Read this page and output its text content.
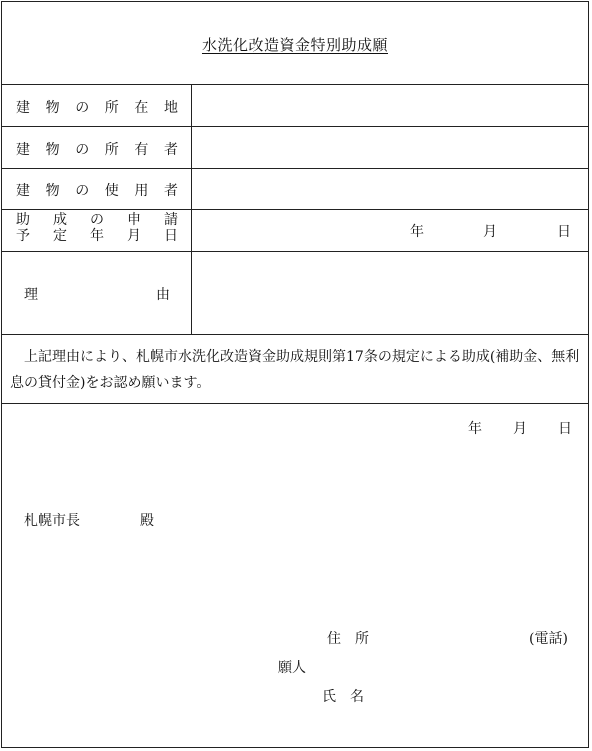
水洗化改造資金特別助成願
建 物 の 所 在 地
建 物 の 所 有 者
建 物 の 使 用 者
助 成 の 申 請
予 定 年 月 日	年	月	日
理	由
上記理由により、札幌市水洗化改造資金助成規則第17条の規定による助成(補助金、無利息の貸付金)をお認め願います。
年 月 日
札幌市長	殿
住　所	(電話)
願人
氏　名
